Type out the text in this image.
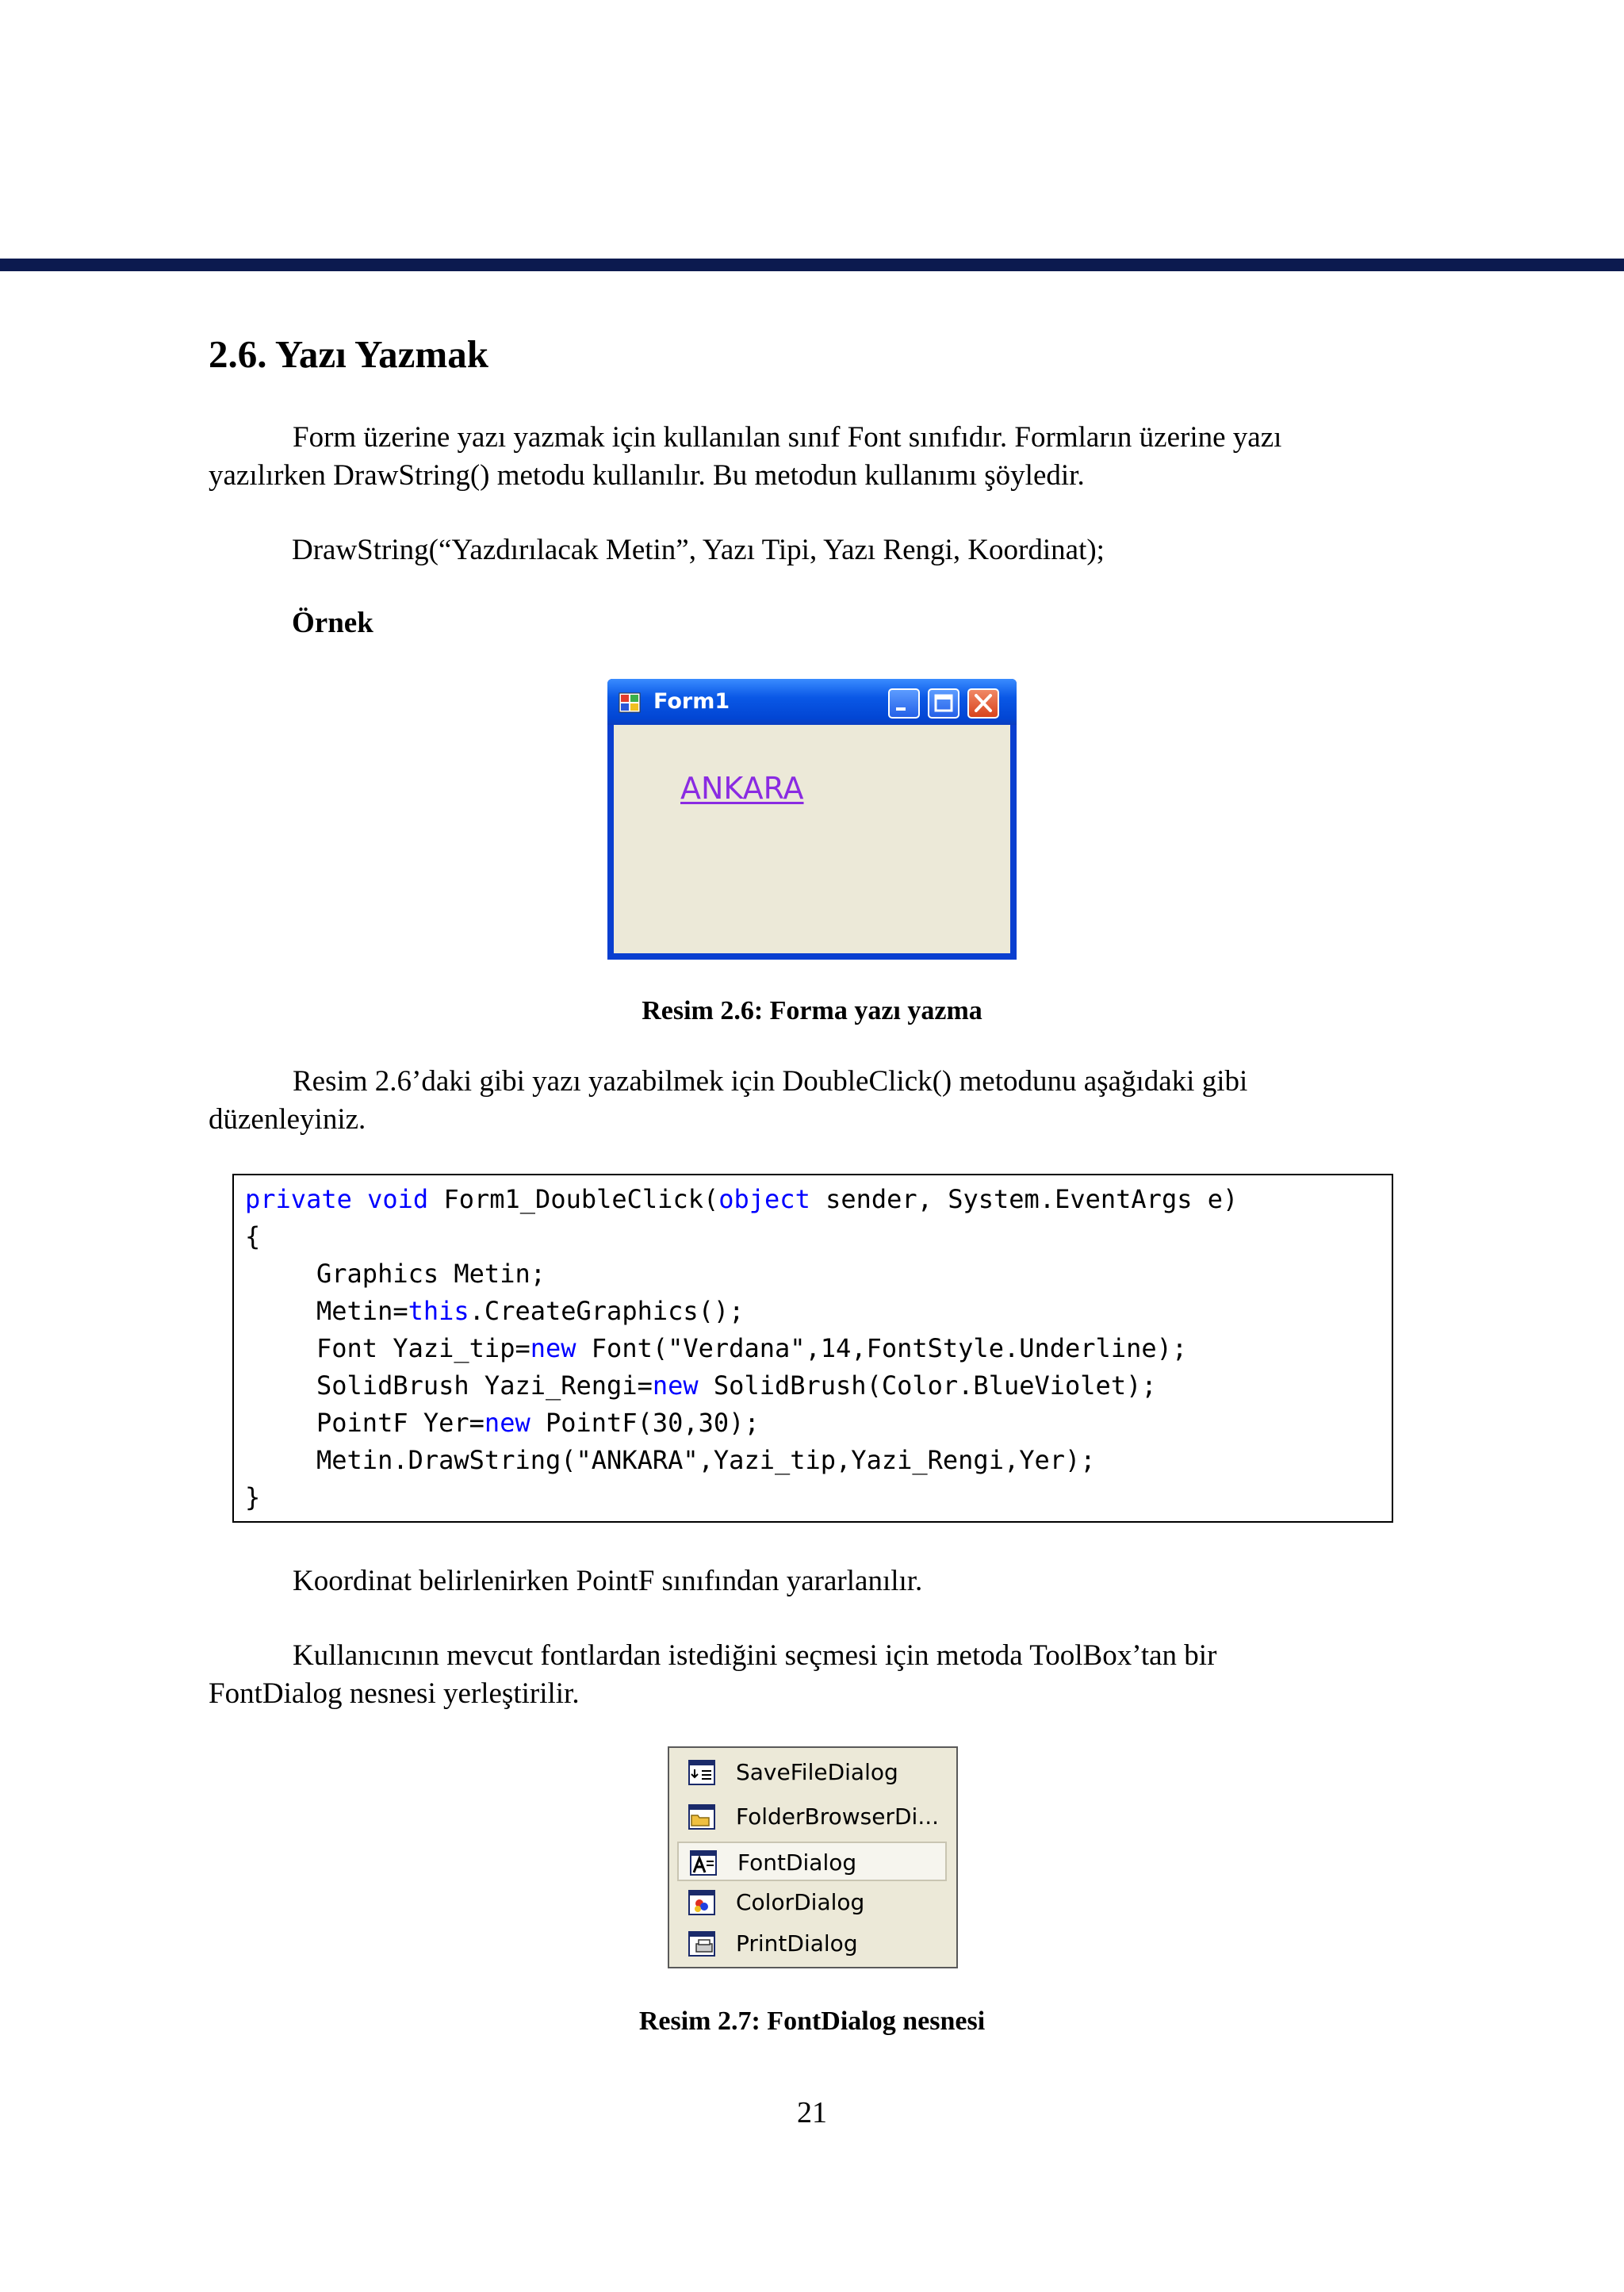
2.6. Yazı Yazmak

Form üzerine yazı yazmak için kullanılan sınıf Font sınıfıdır. Formların üzerine yazı

yazılırken DrawString() metodu kullanılır. Bu metodun kullanımı şöyledir.

DrawString(“Yazdırılacak Metin”, Yazı Tipi, Yazı Rengi, Koordinat);

Örnek

Form1
ANKARA
Resim 2.6: Forma yazı yazma

Resim 2.6’daki gibi yazı yazabilmek için DoubleClick() metodunu aşağıdaki gibi

düzenleyiniz.

private void Form1_DoubleClick(object sender, System.EventArgs e)
{
Graphics Metin;
Metin=this.CreateGraphics();
Font Yazi_tip=new Font("Verdana",14,FontStyle.Underline);
SolidBrush Yazi_Rengi=new SolidBrush(Color.BlueViolet);
PointF Yer=new PointF(30,30);
Metin.DrawString("ANKARA",Yazi_tip,Yazi_Rengi,Yer);
}

Koordinat belirlenirken PointF sınıfından yararlanılır.

Kullanıcının mevcut fontlardan istediğini seçmesi için metoda ToolBox’tan bir

FontDialog nesnesi yerleştirilir.

SaveFileDialog
FolderBrowserDi...
FontDialog
ColorDialog
PrintDialog
Resim 2.7: FontDialog nesnesi
21
